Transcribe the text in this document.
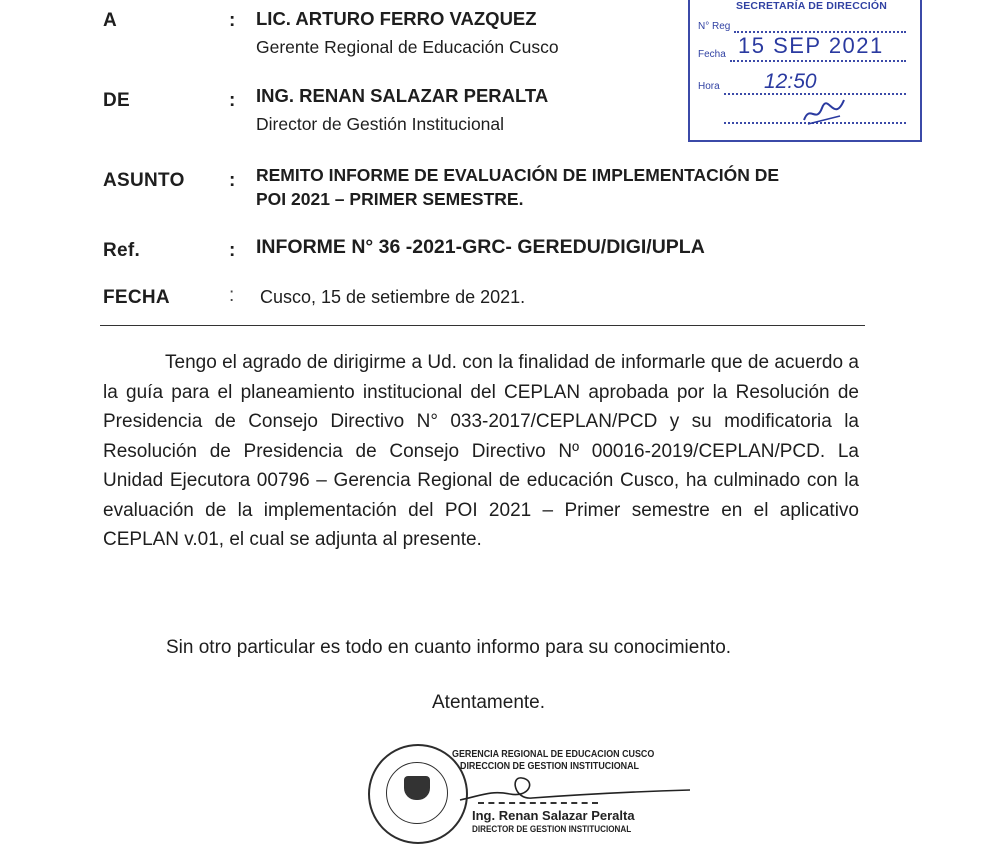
SECRETARÍA DE DIRECCIÓN
N° Reg
Fecha 15 SEP 2021
Hora 12:50
A	: LIC. ARTURO FERRO VAZQUEZ
Gerente Regional de Educación Cusco
DE	: ING. RENAN SALAZAR PERALTA
Director de Gestión Institucional
ASUNTO : REMITO INFORME DE EVALUACIÓN DE IMPLEMENTACIÓN DE
POI 2021 – PRIMER SEMESTRE.
Ref.	: INFORME N° 36 -2021-GRC- GEREDU/DIGI/UPLA
FECHA	: Cusco, 15 de setiembre de 2021.
Tengo el agrado de dirigirme a Ud. con la finalidad de informarle que de acuerdo a la guía para el planeamiento institucional del CEPLAN aprobada por la Resolución de Presidencia de Consejo Directivo N° 033-2017/CEPLAN/PCD y su modificatoria la Resolución de Presidencia de Consejo Directivo Nº 00016-2019/CEPLAN/PCD. La Unidad Ejecutora 00796 – Gerencia Regional de educación Cusco, ha culminado con la evaluación de la implementación del POI 2021 – Primer semestre en el aplicativo CEPLAN v.01, el cual se adjunta al presente.
Sin otro particular es todo en cuanto informo para su conocimiento.
Atentamente.
GERENCIA REGIONAL DE EDUCACION CUSCO
DIRECCION DE GESTION INSTITUCIONAL
Ing. Renan Salazar Peralta
DIRECTOR DE GESTION INSTITUCIONAL
